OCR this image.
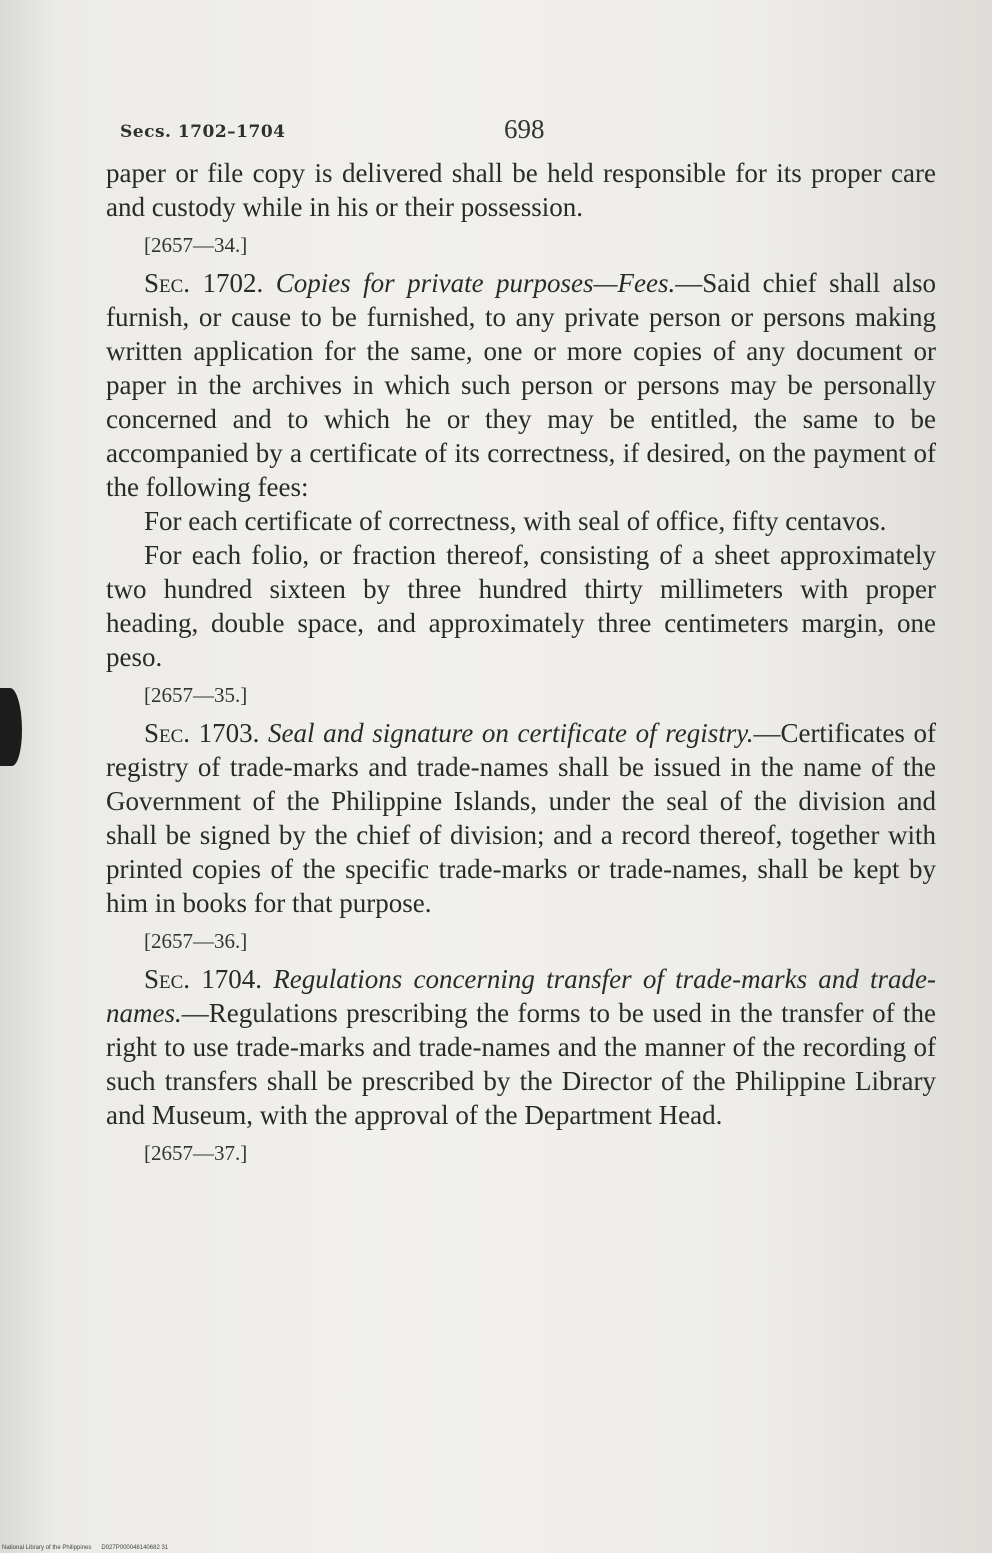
Secs. 1702–1704	698

paper or file copy is delivered shall be held responsible for its proper care and custody while in his or their possession.

[2657—34.]

Sec. 1702. Copies for private purposes—Fees.—Said chief shall also furnish, or cause to be furnished, to any private person or persons making written application for the same, one or more copies of any document or paper in the archives in which such person or persons may be personally concerned and to which he or they may be entitled, the same to be accompanied by a certificate of its correctness, if desired, on the payment of the following fees:

For each certificate of correctness, with seal of office, fifty centavos.

For each folio, or fraction thereof, consisting of a sheet approximately two hundred sixteen by three hundred thirty millimeters with proper heading, double space, and approximately three centimeters margin, one peso.

[2657—35.]

Sec. 1703. Seal and signature on certificate of registry.—Certificates of registry of trade-marks and trade-names shall be issued in the name of the Government of the Philippine Islands, under the seal of the division and shall be signed by the chief of division; and a record thereof, together with printed copies of the specific trade-marks or trade-names, shall be kept by him in books for that purpose.

[2657—36.]

Sec. 1704. Regulations concerning transfer of trade-marks and trade-names.—Regulations prescribing the forms to be used in the transfer of the right to use trade-marks and trade-names and the manner of the recording of such transfers shall be prescribed by the Director of the Philippine Library and Museum, with the approval of the Department Head.

[2657—37.]

National Library of the Philippines D027P000048140682 31
